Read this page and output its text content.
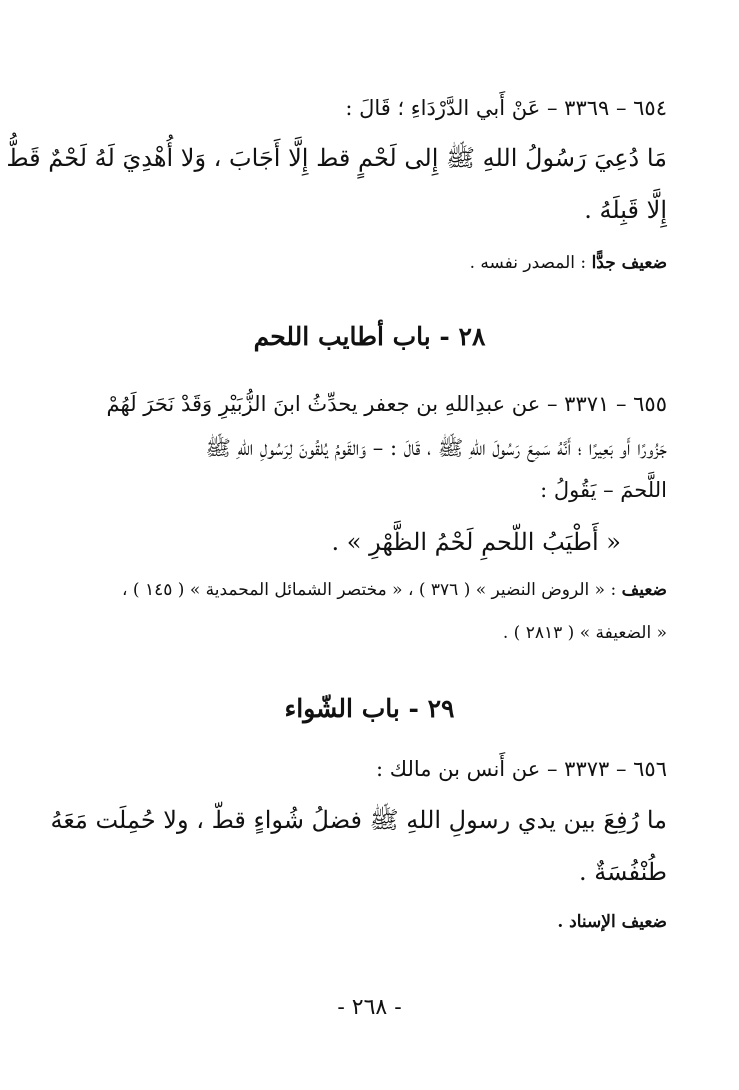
٦٥٤ – ٣٣٦٩ – عَنْ أَبي الدَّرْدَاءِ ؛ قَالَ :
مَا دُعِيَ رَسُولُ اللهِ ﷺ إِلى لَحْمٍ قط إِلَّا أَجَابَ ، وَلا أُهْدِيَ لَهُ لَحْمٌ قَطُّ
إِلَّا قَبِلَهُ .
ضعيف جدًّا : المصدر نفسه .
٢٨ - باب أطايب اللحم
٦٥٥ – ٣٣٧١ – عن عبدِاللهِ بن جعفر يحدِّثُ ابنَ الزُّبَيْرِ وَقَدْ نَحَرَ لَهُمْ
جَزُورًا أَو بَعِيرًا ؛ أَنَّهُ سَمِعَ رَسُولَ اللهِ ﷺ ، قَالَ : – وَالقَومُ يُلقُونَ لِرَسُولِ اللهِ ﷺ
اللَّحمَ – يَقُولُ :
« أَطْيَبُ اللّحمِ لَحْمُ الظَّهْرِ » .
ضعيف : « الروض النضير » ( ٣٧٦ ) ، « مختصر الشمائل المحمدية » ( ١٤٥ ) ،
« الضعيفة » ( ٢٨١٣ ) .
٢٩ - باب الشّواء
٦٥٦ – ٣٣٧٣ – عن أَنس بن مالك :
ما رُفِعَ بين يدي رسولِ اللهِ ﷺ فضلُ شُواءٍ قطّ ، ولا حُمِلَت مَعَهُ
طُنْفُسَةٌ .
ضعيف الإسناد .
- ٢٦٨ -
